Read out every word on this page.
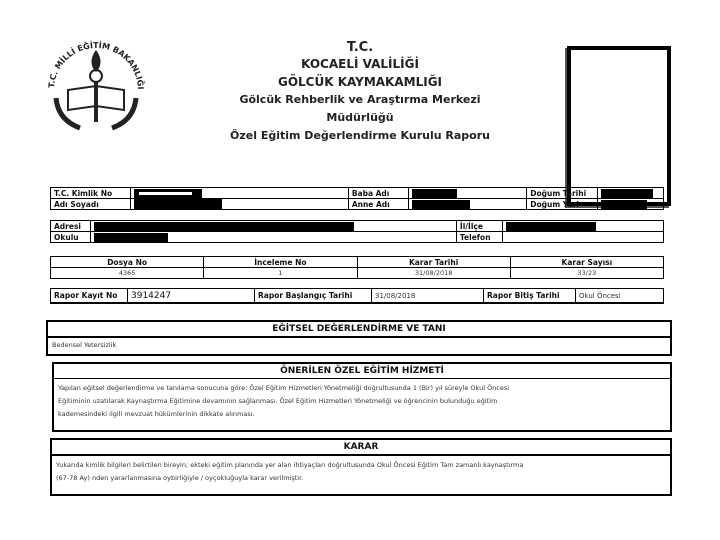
T.C. MİLLİ EĞİTİM BAKANLIĞI
T.C.
KOCAELİ VALİLİĞİ
GÖLCÜK KAYMAKAMLIĞI
Gölcük Rehberlik ve Araştırma Merkezi
Müdürlüğü
Özel Eğitim Değerlendirme Kurulu Raporu
T.C. Kimlik No		Baba Adı		Doğum Tarihi	
Adı Soyadı		Anne Adı		Doğum Yeri	
Adresi		İl/İlçe	
Okulu		Telefon	
Dosya No	İnceleme No	Karar Tarihi	Karar Sayısı
4365	1	31/08/2018	33/23
Rapor Kayıt No	3914247	Rapor Başlangıç Tarihi	31/08/2018	Rapor Bitiş Tarihi	Okul Öncesi
EĞİTSEL DEĞERLENDİRME VE TANI
Bedensel Yetersizlik
ÖNERİLEN ÖZEL EĞİTİM HİZMETİ
Yapılan eğitsel değerlendirme ve tanılama sonucuna göre: Özel Eğitim Hizmetleri Yönetmeliği doğrultusunda 1 (Bir) yıl süreyle Okul Öncesi
Eğitiminin uzatılarak Kaynaştırma Eğitimine devamının sağlanması. Özel Eğitim Hizmetleri Yönetmeliği ve öğrencinin bulunduğu eğitim
kademesindeki ilgili mevzuat hükümlerinin dikkate alınması.
KARAR
Yukarıda kimlik bilgileri belirtilen bireyin; ekteki eğitim planında yer alan ihtiyaçları doğrultusunda Okul Öncesi Eğitim Tam zamanlı kaynaştırma
(67-78 Ay) nden yararlanmasına oybirliğiyle / oyçokluğuyla karar verilmiştir.
